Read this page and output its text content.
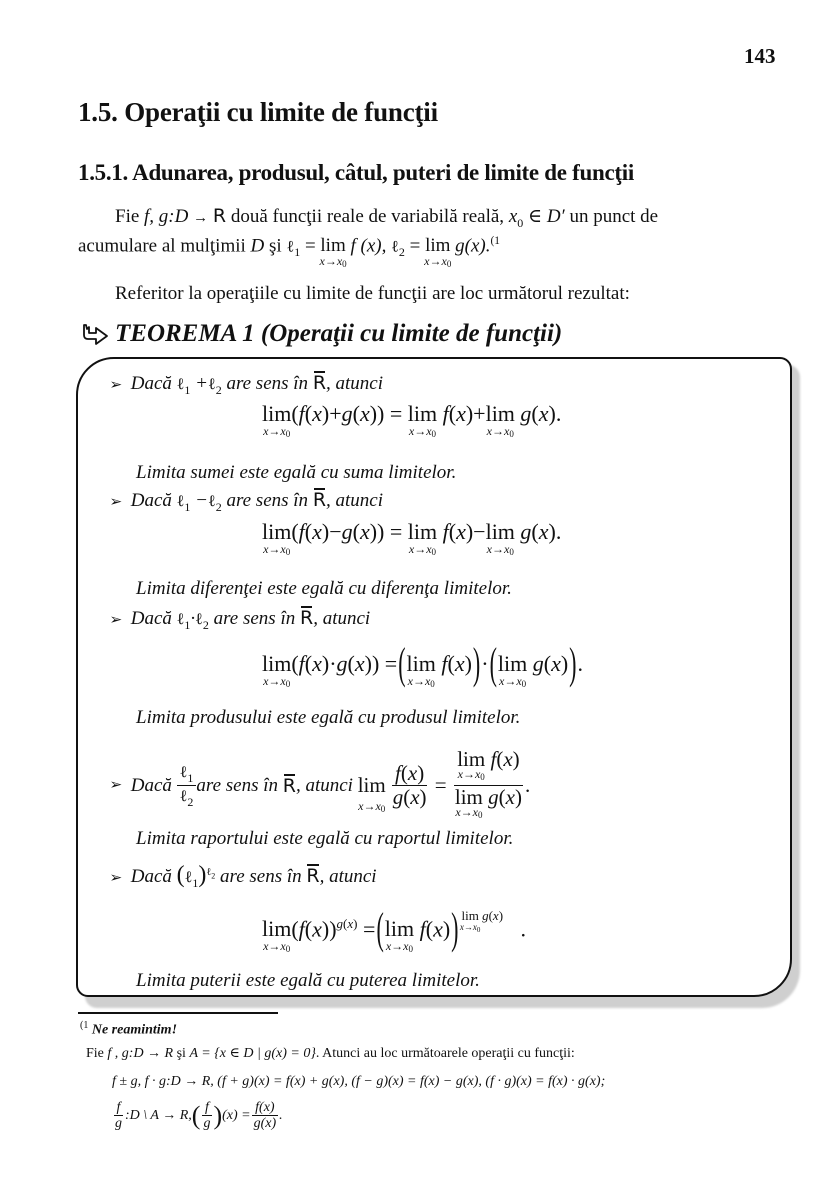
143
1.5. Operaţii cu limite de funcţii
1.5.1. Adunarea, produsul, câtul, puteri de limite de funcţii
Fie f, g:D → R două funcţii reale de variabilă reală, $x_0$ ∈ D′ un punct de
acumulare al mulţimii D şi ℓ$_1$ = lim
$x\to x_0$
f (x), ℓ$_2$ = lim
$x\to x_0$
g(x).$^{(1}$
Referitor la operaţiile cu limite de funcţii are loc următorul rezultat:
TEOREMA 1 (Operaţii cu limite de funcţii)
➢ Dacă ℓ$_1$ +ℓ$_2$ are sens în R, atunci
lim
$x\to x_0$
(f(x)+g(x)) = lim
$x\to x_0$
f(x)+lim
$x\to x_0$
g(x).
Limita sumei este egală cu suma limitelor.
➢ Dacă ℓ$_1$ −ℓ$_2$ are sens în R, atunci
lim
$x\to x_0$
(f(x)−g(x)) = lim
$x\to x_0$
f(x)−lim
$x\to x_0$
g(x).
Limita diferenţei este egală cu diferenţa limitelor.
➢ Dacă ℓ$_1$·ℓ$_2$ are sens în R, atunci
lim
$x\to x_0$
(f(x)·g(x)) =(lim
$x\to x_0$
f(x))·(lim
$x\to x_0$
g(x)).
Limita produsului este egală cu produsul limitelor.
➢ Dacă
$\frac{\ell_1}{\ell_2}$ are sens în
R , atunci
lim
$x\to x_0 \frac{f(x)}{g(x)} = \lim$
$x\to x_0$
f(x)
lim
$x\to x_0$
g(x) .
Limita raportului este egală cu raportul limitelor.
➢ Dacă (ℓ$_1$)$^{\ell_2}$ are sens în R, atunci
lim
$x\to x_0$
$(f(x))^{g(x)} =(\lim$
$x\to x_0$
f(x)) lim
$x\to x_0$
g(x)
.
Limita puterii este egală cu puterea limitelor.
$^{(1}$ Ne reamintim!
Fie f , g:D → R şi A = {x ∈ D | g(x) = 0}. Atunci au loc următoarele operaţii cu funcţii:
f ± g, f · g:D → R, (f + g)(x) = f(x) + g(x), (f − g)(x) = f(x) − g(x), (f · g)(x) = f(x) · g(x);
$\frac{f}{g}$ :D \ A → R, ( $\frac{f}{g}$ ) $(x) = \frac{f(x)}{g(x)}$ .
